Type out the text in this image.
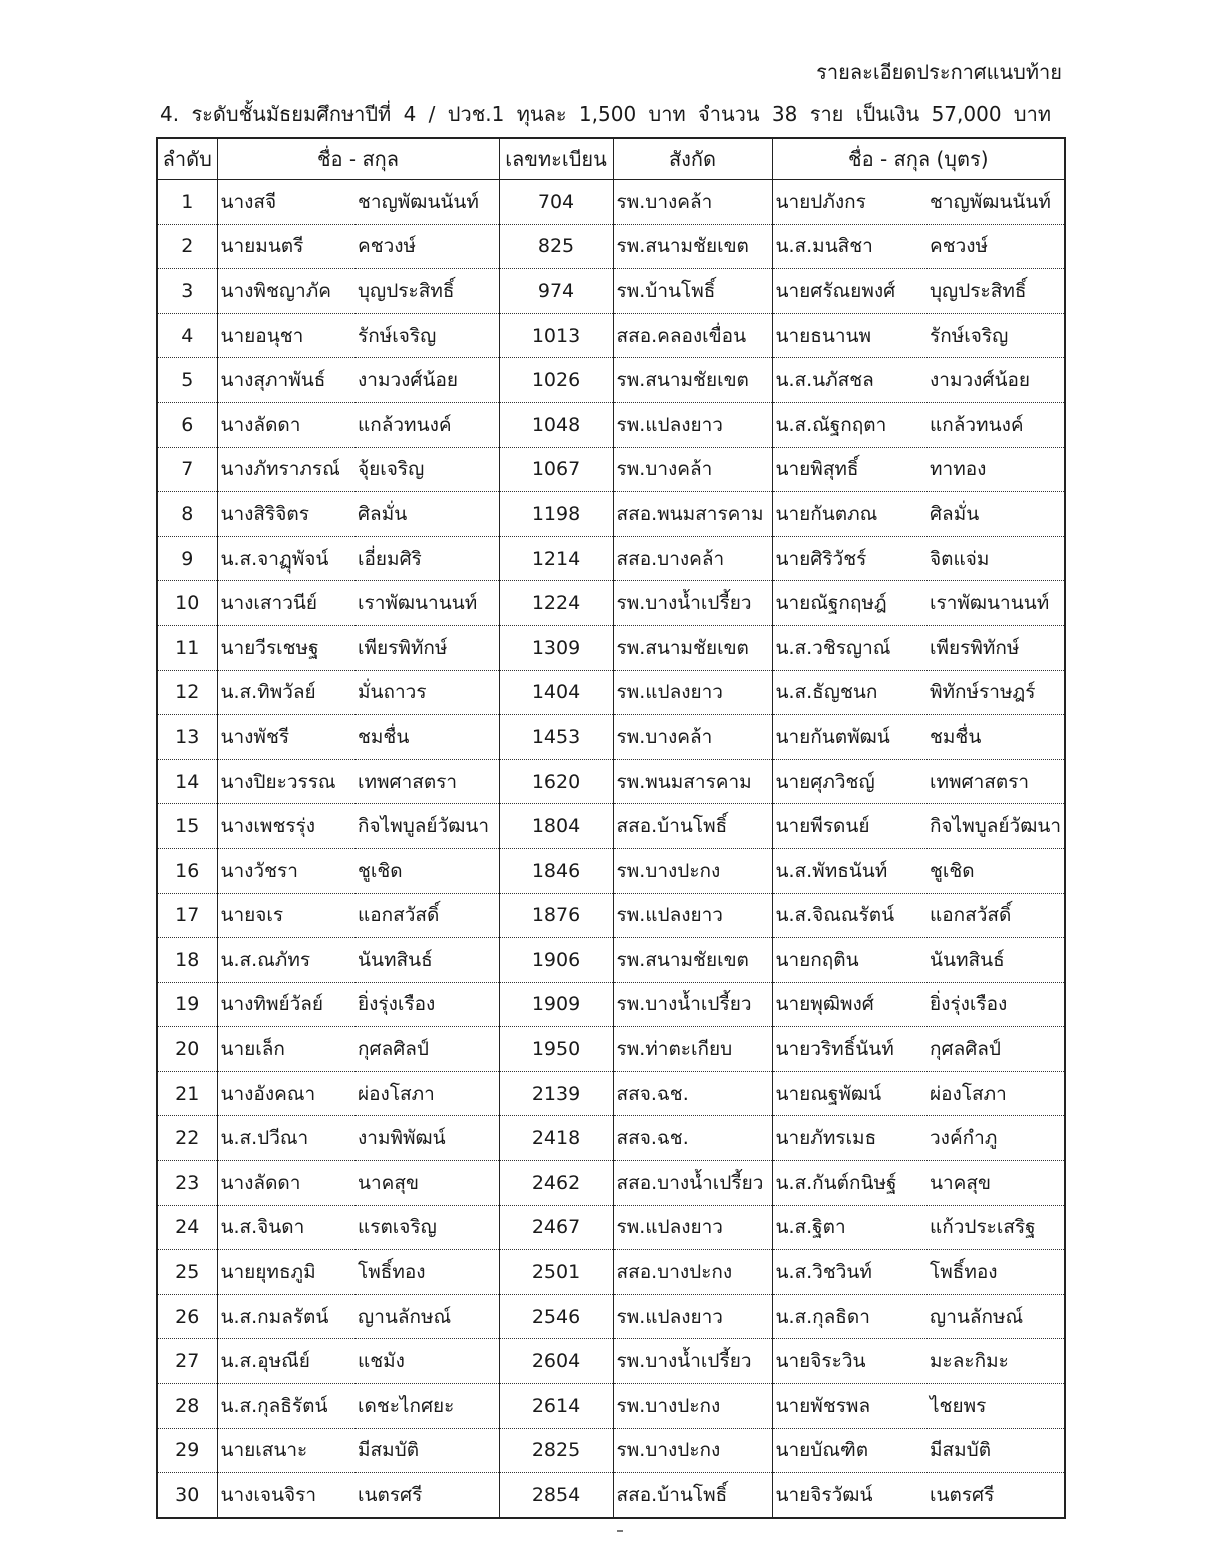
รายละเอียดประกาศแนบท้าย
4. ระดับชั้นมัธยมศึกษาปีที่ 4 / ปวช.1 ทุนละ 1,500 บาท จำนวน 38 ราย เป็นเงิน 57,000 บาท
ลำดับ	ชื่อ - สกุล		เลขทะเบียน	สังกัด	ชื่อ - สกุล (บุตร)	
1	นางสจี	ชาญพัฒนนันท์	704	รพ.บางคล้า	นายปภังกร	ชาญพัฒนนันท์
2	นายมนตรี	คชวงษ์	825	รพ.สนามชัยเขต	น.ส.มนสิชา	คชวงษ์
3	นางพิชญาภัค	บุญประสิทธิ์	974	รพ.บ้านโพธิ์	นายศรัณยพงศ์	บุญประสิทธิ์
4	นายอนุชา	รักษ์เจริญ	1013	สสอ.คลองเขื่อน	นายธนานพ	รักษ์เจริญ
5	นางสุภาพันธ์	งามวงศ์น้อย	1026	รพ.สนามชัยเขต	น.ส.นภัสชล	งามวงศ์น้อย
6	นางลัดดา	แกล้วทนงค์	1048	รพ.แปลงยาว	น.ส.ณัฐกฤตา	แกล้วทนงค์
7	นางภัทราภรณ์	จุ้ยเจริญ	1067	รพ.บางคล้า	นายพิสุทธิ์	ทาทอง
8	นางสิริจิตร	ศิลมั่น	1198	สสอ.พนมสารคาม	นายกันตภณ	ศิลมั่น
9	น.ส.จาฏุพัจน์	เอี่ยมศิริ	1214	สสอ.บางคล้า	นายศิริวัชร์	จิตแจ่ม
10	นางเสาวนีย์	เราพัฒนานนท์	1224	รพ.บางน้ำเปรี้ยว	นายณัฐกฤษฎ์	เราพัฒนานนท์
11	นายวีรเชษฐ	เพียรพิทักษ์	1309	รพ.สนามชัยเขต	น.ส.วชิรญาณ์	เพียรพิทักษ์
12	น.ส.ทิพวัลย์	มั่นถาวร	1404	รพ.แปลงยาว	น.ส.ธัญชนก	พิทักษ์ราษฎร์
13	นางพัชรี	ชมชื่น	1453	รพ.บางคล้า	นายกันตพัฒน์	ชมชื่น
14	นางปิยะวรรณ	เทพศาสตรา	1620	รพ.พนมสารคาม	นายศุภวิชญ์	เทพศาสตรา
15	นางเพชรรุ่ง	กิจไพบูลย์วัฒนา	1804	สสอ.บ้านโพธิ์	นายพีรดนย์	กิจไพบูลย์วัฒนา
16	นางวัชรา	ชูเชิด	1846	รพ.บางปะกง	น.ส.พัทธนันท์	ชูเชิด
17	นายจเร	แอกสวัสดิ์	1876	รพ.แปลงยาว	น.ส.จิณณรัตน์	แอกสวัสดิ์
18	น.ส.ณภัทร	นันทสินธ์	1906	รพ.สนามชัยเขต	นายกฤติน	นันทสินธ์
19	นางทิพย์วัลย์	ยิ่งรุ่งเรือง	1909	รพ.บางน้ำเปรี้ยว	นายพุฒิพงศ์	ยิ่งรุ่งเรือง
20	นายเล็ก	กุศลศิลป์	1950	รพ.ท่าตะเกียบ	นายวริทธิ์นันท์	กุศลศิลป์
21	นางอังคณา	ผ่องโสภา	2139	สสจ.ฉช.	นายณฐพัฒน์	ผ่องโสภา
22	น.ส.ปวีณา	งามพิพัฒน์	2418	สสจ.ฉช.	นายภัทรเมธ	วงค์กำภู
23	นางลัดดา	นาคสุข	2462	สสอ.บางน้ำเปรี้ยว	น.ส.กันต์กนิษฐ์	นาคสุข
24	น.ส.จินดา	แรตเจริญ	2467	รพ.แปลงยาว	น.ส.ฐิตา	แก้วประเสริฐ
25	นายยุทธภูมิ	โพธิ์ทอง	2501	สสอ.บางปะกง	น.ส.วิชวินท์	โพธิ์ทอง
26	น.ส.กมลรัตน์	ญานลักษณ์	2546	รพ.แปลงยาว	น.ส.กุลธิดา	ญานลักษณ์
27	น.ส.อุษณีย์	แชมัง	2604	รพ.บางน้ำเปรี้ยว	นายจิระวิน	มะละกิมะ
28	น.ส.กุลธิรัตน์	เดชะไกศยะ	2614	รพ.บางปะกง	นายพัชรพล	ไชยพร
29	นายเสนาะ	มีสมบัติ	2825	รพ.บางปะกง	นายบัณฑิต	มีสมบัติ
30	นางเจนจิรา	เนตรศรี	2854	สสอ.บ้านโพธิ์	นายจิรวัฒน์	เนตรศรี
